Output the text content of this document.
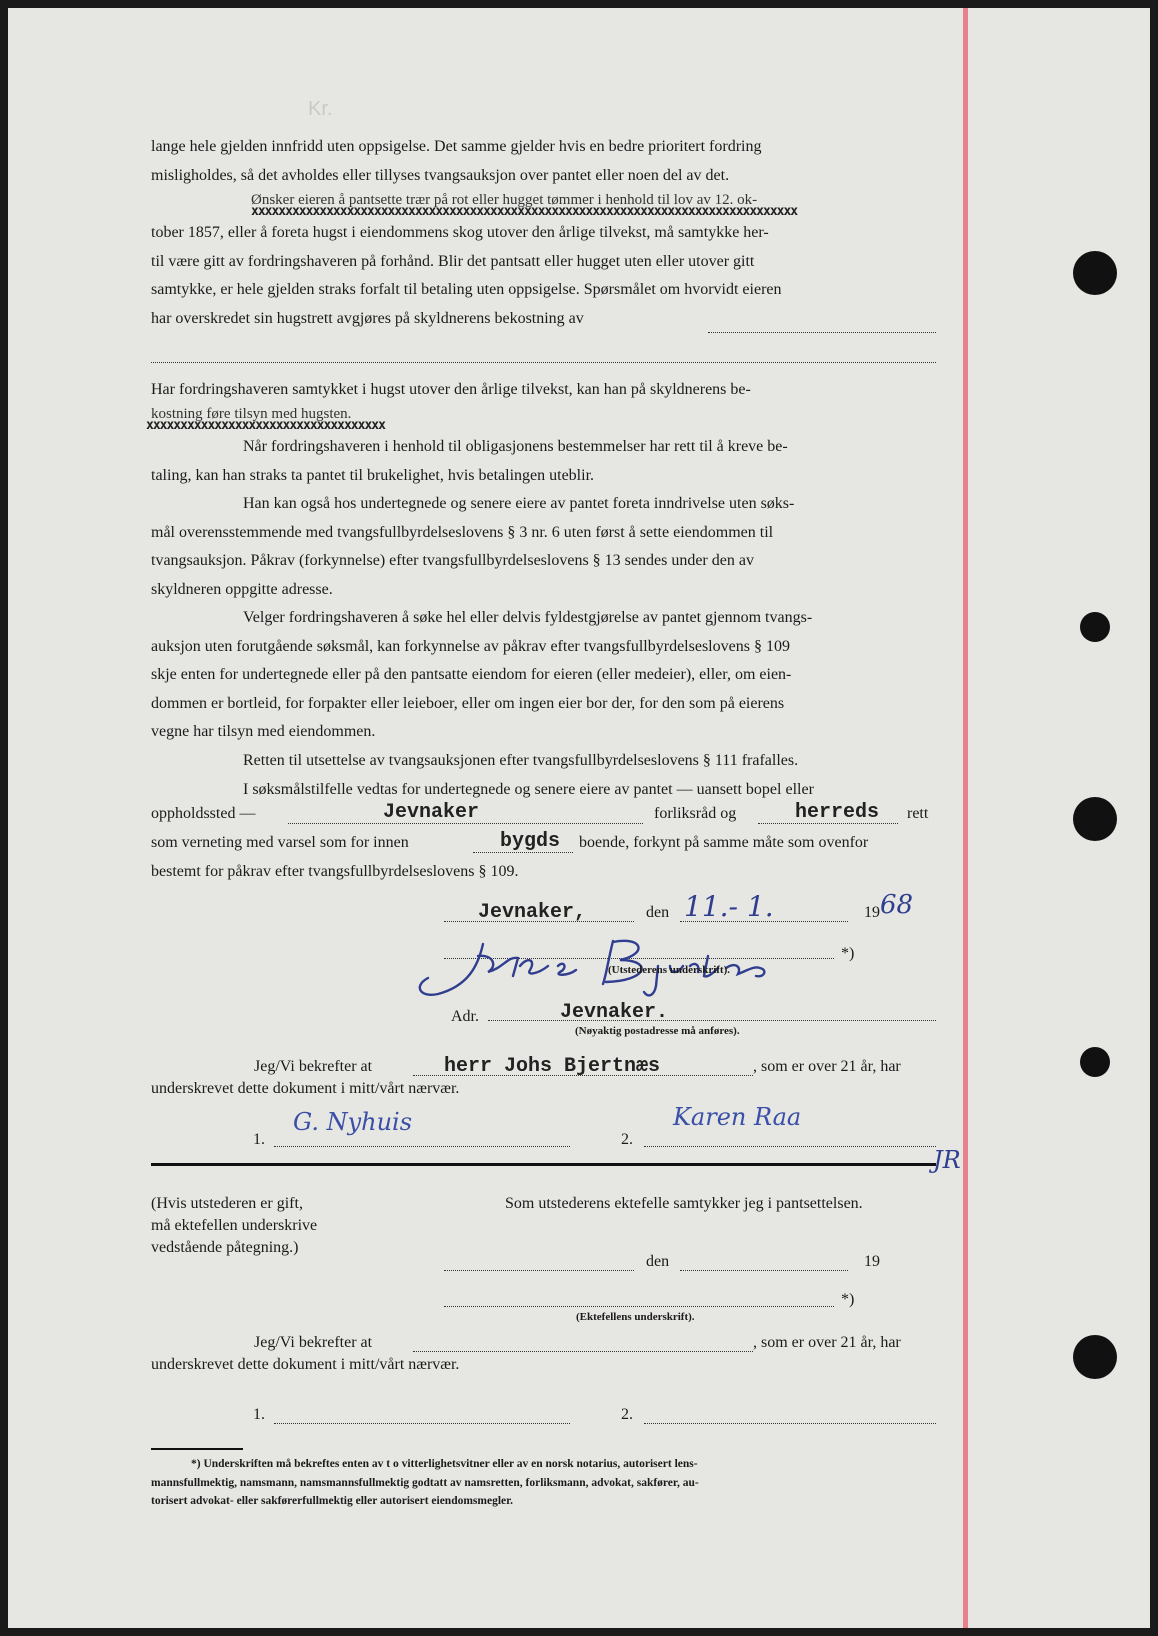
Kr.
lange hele gjelden innfridd uten oppsigelse. Det samme gjelder hvis en bedre prioritert fordring
misligholdes, så det avholdes eller tillyses tvangsauksjon over pantet eller noen del av det.
Ønsker eieren å pantsette trær på rot eller hugget tømmer i henhold til lov av 12. ok-
xxxxxxxxxxxxxxxxxxxxxxxxxxxxxxxxxxxxxxxxxxxxxxxxxxxxxxxxxxxxxxxxxxxxxxxxxxxxxxxx
tober 1857, eller å foreta hugst i eiendommens skog utover den årlige tilvekst, må samtykke her-
til være gitt av fordringshaveren på forhånd. Blir det pantsatt eller hugget uten eller utover gitt
samtykke, er hele gjelden straks forfalt til betaling uten oppsigelse. Spørsmålet om hvorvidt eieren
har overskredet sin hugstrett avgjøres på skyldnerens bekostning av
Har fordringshaveren samtykket i hugst utover den årlige tilvekst, kan han på skyldnerens be-
kostning føre tilsyn med hugsten.
xxxxxxxxxxxxxxxxxxxxxxxxxxxxxxxxxxx
Når fordringshaveren i henhold til obligasjonens bestemmelser har rett til å kreve be-
taling, kan han straks ta pantet til brukelighet, hvis betalingen uteblir.
Han kan også hos undertegnede og senere eiere av pantet foreta inndrivelse uten søks-
mål overensstemmende med tvangsfullbyrdelseslovens § 3 nr. 6 uten først å sette eiendommen til
tvangsauksjon. Påkrav (forkynnelse) efter tvangsfullbyrdelseslovens § 13 sendes under den av
skyldneren oppgitte adresse.
Velger fordringshaveren å søke hel eller delvis fyldestgjørelse av pantet gjennom tvangs-
auksjon uten forutgående søksmål, kan forkynnelse av påkrav efter tvangsfullbyrdelseslovens § 109
skje enten for undertegnede eller på den pantsatte eiendom for eieren (eller medeier), eller, om eien-
dommen er bortleid, for forpakter eller leieboer, eller om ingen eier bor der, for den som på eierens
vegne har tilsyn med eiendommen.
Retten til utsettelse av tvangsauksjonen efter tvangsfullbyrdelseslovens § 111 frafalles.
I søksmålstilfelle vedtas for undertegnede og senere eiere av pantet — uansett bopel eller
oppholdssted —	Jevnaker	forliksråd og	herreds rett
som verneting med varsel som for innen	bygds boende, forkynt på samme måte som ovenfor
bestemt for påkrav efter tvangsfullbyrdelseslovens § 109.
Jevnaker,	den 11.- 1.	19 68
*)
(Utstederens underskrift).
Adr.	Jevnaker.
(Nøyaktig postadresse må anføres).
Jeg/Vi bekrefter at	herr Johs Bjertnæs	, som er over 21 år, har
underskrevet dette dokument i mitt/vårt nærvær.
1.
G. Nyhuis
2.
Karen Raa
JR
(Hvis utstederen er gift,
må ektefellen underskrive
vedstående påtegning.)
Som utstederens ektefelle samtykker jeg i pantsettelsen.
den	19
*)
(Ektefellens underskrift).
Jeg/Vi bekrefter at	, som er over 21 år, har
underskrevet dette dokument i mitt/vårt nærvær.
1.	2.
*) Underskriften må bekreftes enten av t o vitterlighetsvitner eller av en norsk notarius, autorisert lens-
mannsfullmektig, namsmann, namsmannsfullmektig godtatt av namsretten, forliksmann, advokat, sakfører, au-
torisert advokat- eller sakførerfullmektig eller autorisert eiendomsmegler.
